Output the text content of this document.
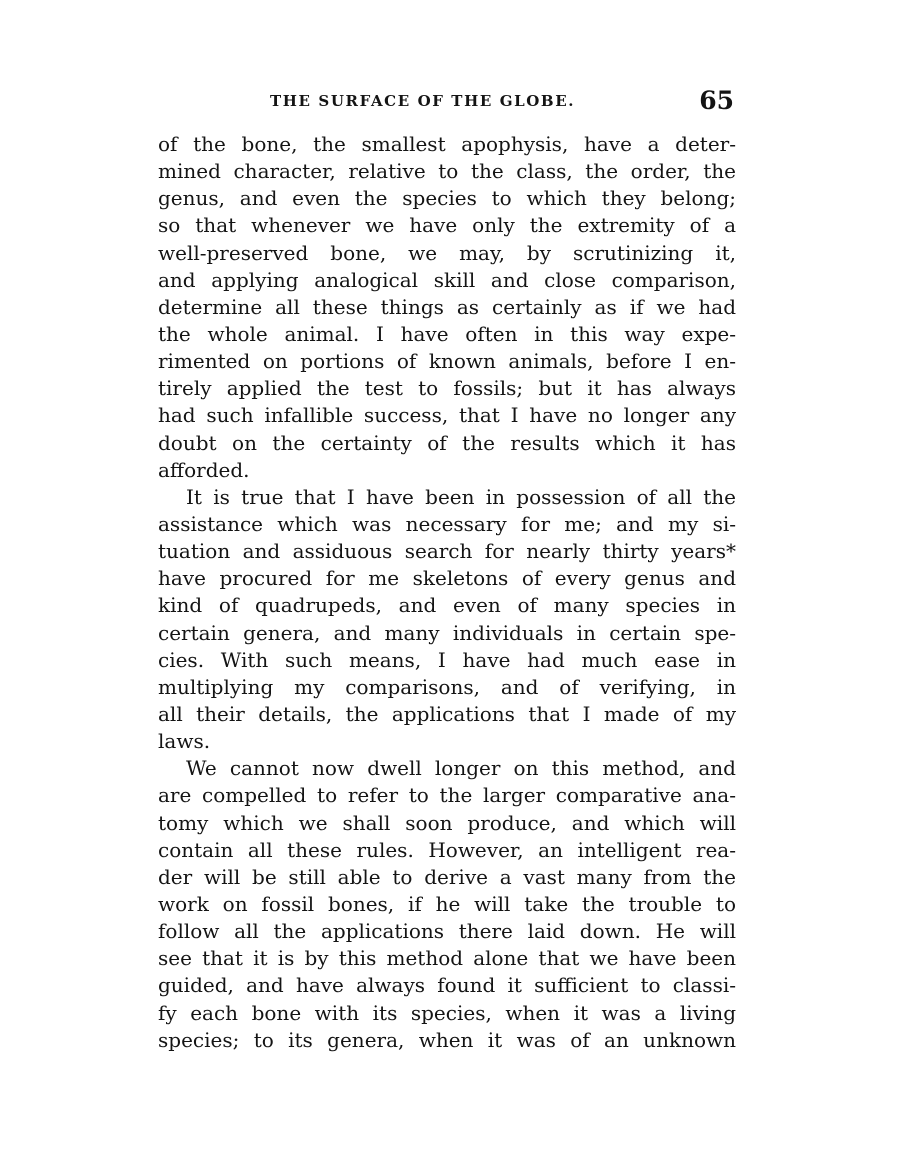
THE SURFACE OF THE GLOBE.	65
of the bone, the smallest apophysis, have a deter-
mined character, relative to the class, the order, the
genus, and even the species to which they belong;
so that whenever we have only the extremity of a
well-preserved bone, we may, by scrutinizing it,
and applying analogical skill and close comparison,
determine all these things as certainly as if we had
the whole animal. I have often in this way expe-
rimented on portions of known animals, before I en-
tirely applied the test to fossils; but it has always
had such infallible success, that I have no longer any
doubt on the certainty of the results which it has
afforded.
It is true that I have been in possession of all the
assistance which was necessary for me; and my si-
tuation and assiduous search for nearly thirty years*
have procured for me skeletons of every genus and
kind of quadrupeds, and even of many species in
certain genera, and many individuals in certain spe-
cies. With such means, I have had much ease in
multiplying my comparisons, and of verifying, in
all their details, the applications that I made of my
laws.
We cannot now dwell longer on this method, and
are compelled to refer to the larger comparative ana-
tomy which we shall soon produce, and which will
contain all these rules. However, an intelligent rea-
der will be still able to derive a vast many from the
work on fossil bones, if he will take the trouble to
follow all the applications there laid down. He will
see that it is by this method alone that we have been
guided, and have always found it sufficient to classi-
fy each bone with its species, when it was a living
species; to its genera, when it was of an unknown
